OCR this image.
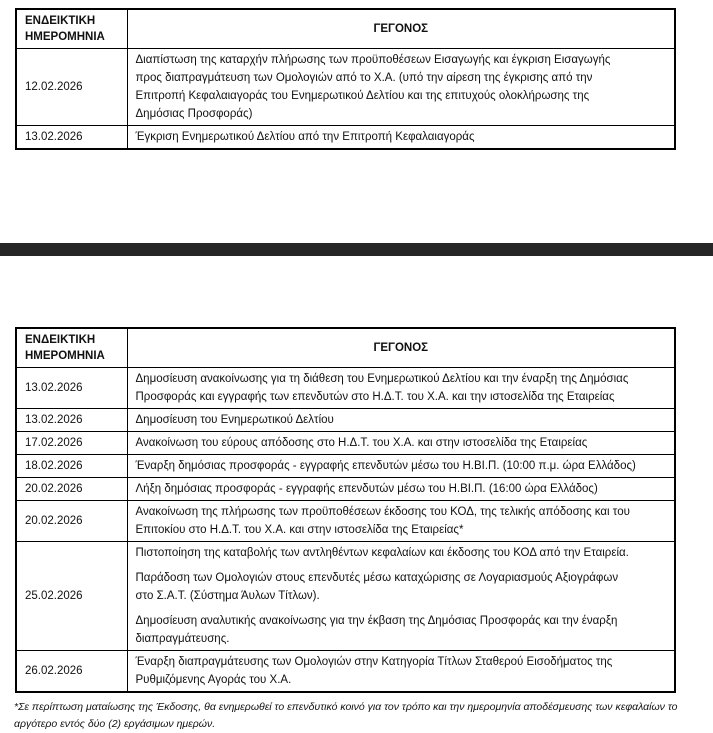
ΕΝΔΕΙΚΤΙΚΗ ΗΜΕΡΟΜΗΝΙΑ	ΓΕΓΟΝΟΣ
12.02.2026	Διαπίστωση της καταρχήν πλήρωσης των προϋποθέσεων Εισαγωγής και έγκριση Εισαγωγής προς διαπραγμάτευση των Ομολογιών από το Χ.Α. (υπό την αίρεση της έγκρισης από την Επιτροπή Κεφαλαιαγοράς του Ενημερωτικού Δελτίου και της επιτυχούς ολοκλήρωσης της Δημόσιας Προσφοράς)
13.02.2026	Έγκριση Ενημερωτικού Δελτίου από την Επιτροπή Κεφαλαιαγοράς
ΕΝΔΕΙΚΤΙΚΗ ΗΜΕΡΟΜΗΝΙΑ	ΓΕΓΟΝΟΣ
13.02.2026	Δημοσίευση ανακοίνωσης για τη διάθεση του Ενημερωτικού Δελτίου και την έναρξη της Δημόσιας Προσφοράς και εγγραφής των επενδυτών στο Η.Δ.Τ. του Χ.Α. και την ιστοσελίδα της Εταιρείας
13.02.2026	Δημοσίευση του Ενημερωτικού Δελτίου
17.02.2026	Ανακοίνωση του εύρους απόδοσης στο Η.Δ.Τ. του Χ.Α. και στην ιστοσελίδα της Εταιρείας
18.02.2026	Έναρξη δημόσιας προσφοράς - εγγραφής επενδυτών μέσω του Η.ΒΙ.Π. (10:00 π.μ. ώρα Ελλάδος)
20.02.2026	Λήξη δημόσιας προσφοράς - εγγραφής επενδυτών μέσω του Η.ΒΙ.Π. (16:00 ώρα Ελλάδος)
20.02.2026	Ανακοίνωση της πλήρωσης των προϋποθέσεων έκδοσης του ΚΟΔ, της τελικής απόδοσης και του Επιτοκίου στο Η.Δ.Τ. του Χ.Α. και στην ιστοσελίδα της Εταιρείας*
25.02.2026	Πιστοποίηση της καταβολής των αντληθέντων κεφαλαίων και έκδοσης του ΚΟΔ από την Εταιρεία.

Παράδοση των Ομολογιών στους επενδυτές μέσω καταχώρισης σε Λογαριασμούς Αξιογράφων στο Σ.Α.Τ. (Σύστημα Άυλων Τίτλων).

Δημοσίευση αναλυτικής ανακοίνωσης για την έκβαση της Δημόσιας Προσφοράς και την έναρξη διαπραγμάτευσης.

26.02.2026	Έναρξη διαπραγμάτευσης των Ομολογιών στην Κατηγορία Τίτλων Σταθερού Εισοδήματος της Ρυθμιζόμενης Αγοράς του Χ.Α.

*Σε περίπτωση ματαίωσης της Έκδοσης, θα ενημερωθεί το επενδυτικό κοινό για τον τρόπο και την ημερομηνία αποδέσμευσης των κεφαλαίων το αργότερο εντός δύο (2) εργάσιμων ημερών.
